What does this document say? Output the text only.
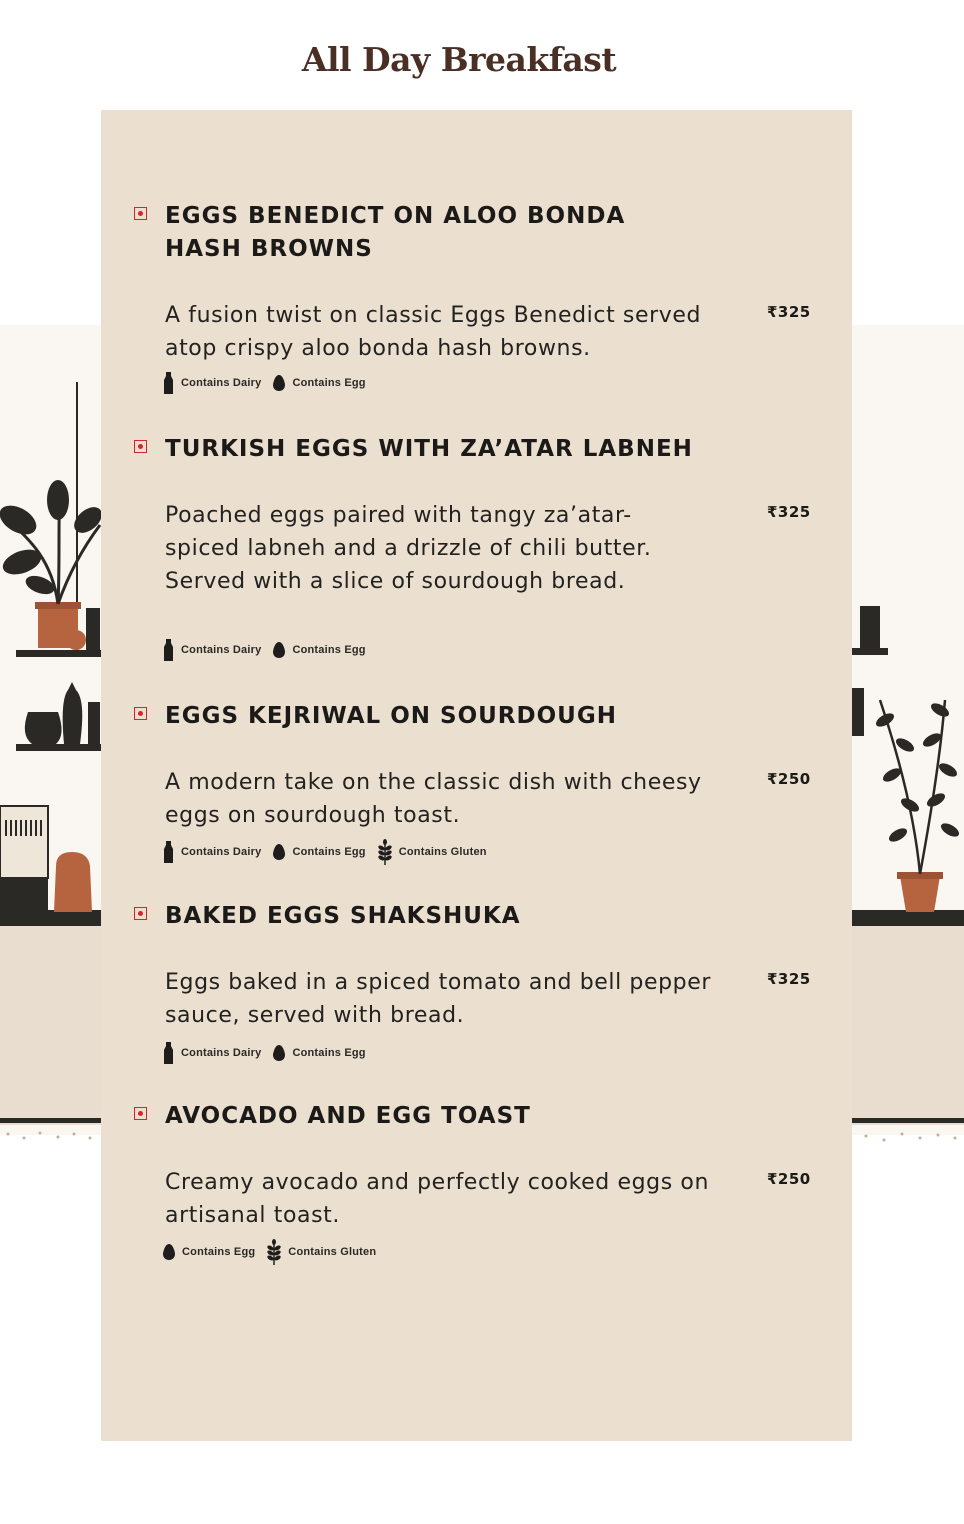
All Day Breakfast
EGGS BENEDICT ON ALOO BONDA HASH BROWNS

A fusion twist on classic Eggs Benedict served atop crispy aloo bonda hash browns.

₹325
Contains Dairy	Contains Egg
TURKISH EGGS WITH ZA’ATAR LABNEH

Poached eggs paired with tangy za’atar-spiced labneh and a drizzle of chili butter. Served with a slice of sourdough bread.

₹325
Contains Dairy	Contains Egg
EGGS KEJRIWAL ON SOURDOUGH

A modern take on the classic dish with cheesy eggs on sourdough toast.

₹250
Contains Dairy	Contains Egg	Contains Gluten
BAKED EGGS SHAKSHUKA

Eggs baked in a spiced tomato and bell pepper sauce, served with bread.

₹325
Contains Dairy	Contains Egg
AVOCADO AND EGG TOAST

Creamy avocado and perfectly cooked eggs on artisanal toast.

₹250
Contains Egg	Contains Gluten
